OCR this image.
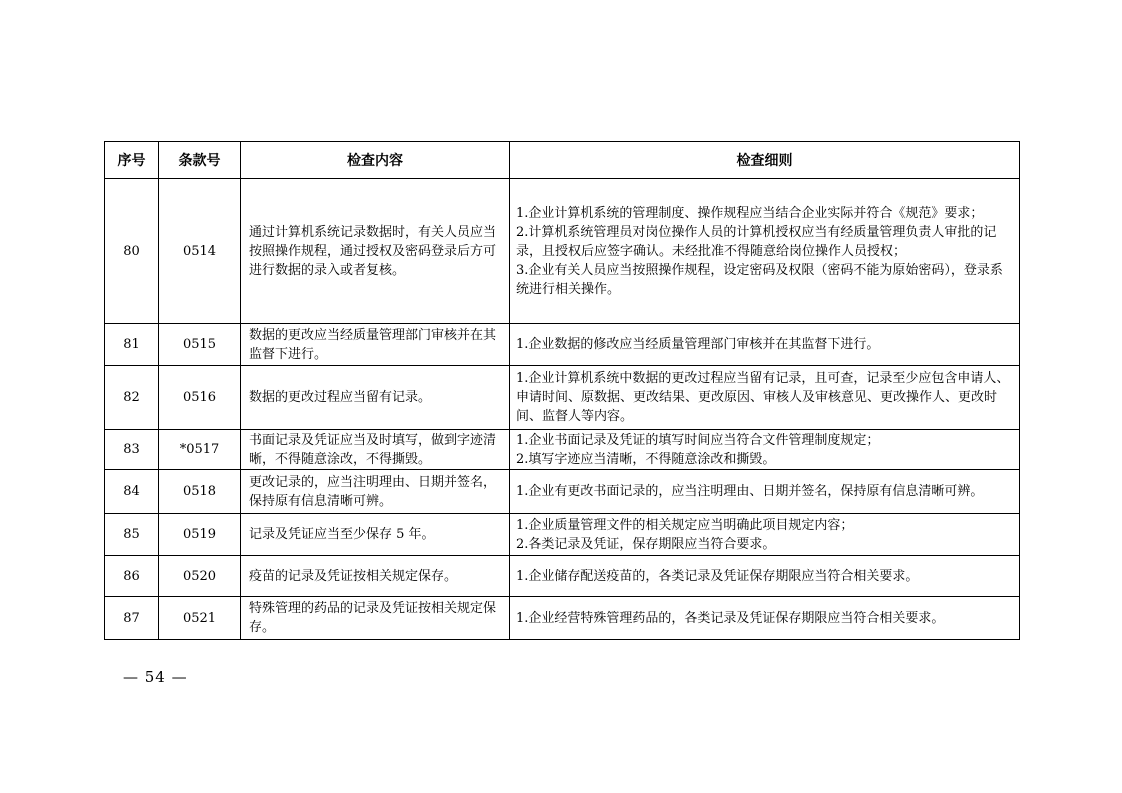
序号	条款号	检查内容	检查细则
80	0514	通过计算机系统记录数据时，有关人员应当按照操作规程，通过授权及密码登录后方可进行数据的录入或者复核。	1.企业计算机系统的管理制度、操作规程应当结合企业实际并符合《规范》要求；
2.计算机系统管理员对岗位操作人员的计算机授权应当有经质量管理负责人审批的记录，且授权后应签字确认。未经批准不得随意给岗位操作人员授权；
3.企业有关人员应当按照操作规程，设定密码及权限（密码不能为原始密码），登录系统进行相关操作。

81	0515	数据的更改应当经质量管理部门审核并在其监督下进行。	1.企业数据的修改应当经质量管理部门审核并在其监督下进行。

82	0516	数据的更改过程应当留有记录。	1.企业计算机系统中数据的更改过程应当留有记录，且可查，记录至少应包含申请人、申请时间、原数据、更改结果、更改原因、审核人及审核意见、更改操作人、更改时间、监督人等内容。

83	*0517	书面记录及凭证应当及时填写，做到字迹清晰，不得随意涂改，不得撕毁。	1.企业书面记录及凭证的填写时间应当符合文件管理制度规定；
2.填写字迹应当清晰，不得随意涂改和撕毁。

84	0518	更改记录的，应当注明理由、日期并签名，保持原有信息清晰可辨。	1.企业有更改书面记录的，应当注明理由、日期并签名，保持原有信息清晰可辨。

85	0519	记录及凭证应当至少保存 5 年。	1.企业质量管理文件的相关规定应当明确此项目规定内容；
2.各类记录及凭证，保存期限应当符合要求。

86	0520	疫苗的记录及凭证按相关规定保存。	1.企业储存配送疫苗的，各类记录及凭证保存期限应当符合相关要求。

87	0521	特殊管理的药品的记录及凭证按相关规定保存。	1.企业经营特殊管理药品的，各类记录及凭证保存期限应当符合相关要求。
— 54 —
